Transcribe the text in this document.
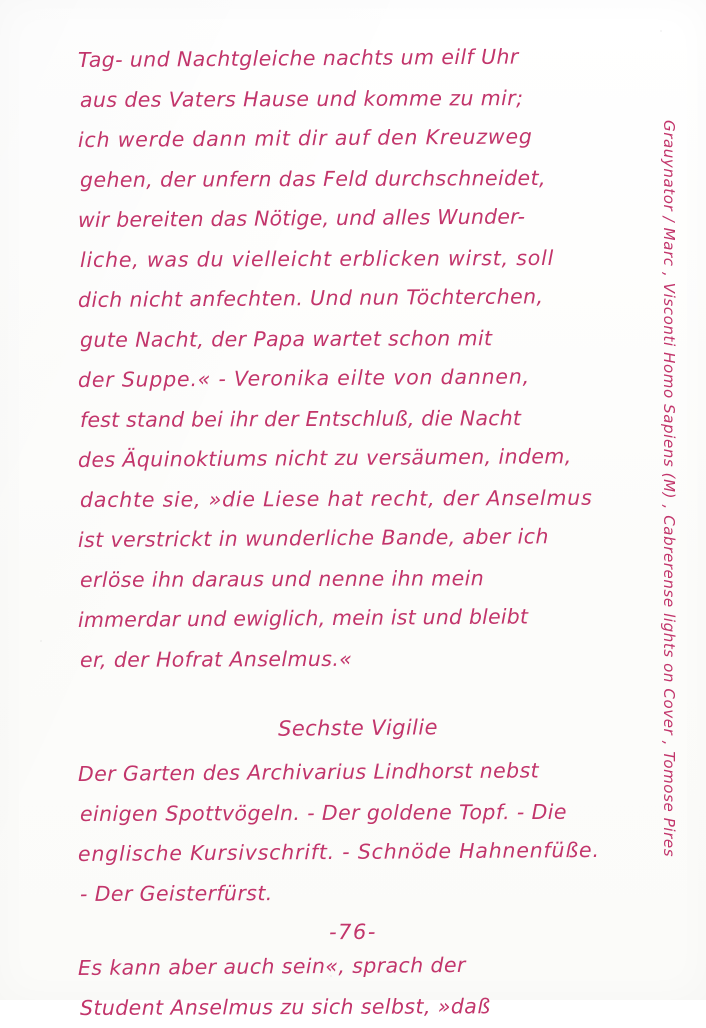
Tag- und Nachtgleiche nachts um eilf Uhr
aus des Vaters Hause und komme zu mir;
ich werde dann mit dir auf den Kreuzweg
gehen, der unfern das Feld durchschneidet,
wir bereiten das Nötige, und alles Wunder-
liche, was du vielleicht erblicken wirst, soll
dich nicht anfechten. Und nun Töchterchen,
gute Nacht, der Papa wartet schon mit
der Suppe.« - Veronika eilte von dannen,
fest stand bei ihr der Entschluß, die Nacht
des Äquinoktiums nicht zu versäumen, indem,
dachte sie, »die Liese hat recht, der Anselmus
ist verstrickt in wunderliche Bande, aber ich
erlöse ihn daraus und nenne ihn mein
immerdar und ewiglich, mein ist und bleibt
er, der Hofrat Anselmus.«
Sechste Vigilie
Der Garten des Archivarius Lindhorst nebst
einigen Spottvögeln. - Der goldene Topf. - Die
englische Kursivschrift. - Schnöde Hahnenfüße.
- Der Geisterfürst.
Es kann aber auch sein«, sprach der
Student Anselmus zu sich selbst, »daß
-76-
Grauynator / Marc , Visconti Homo Sapiens (M) , Cabrerense lights on Cover , Tomose Pires
